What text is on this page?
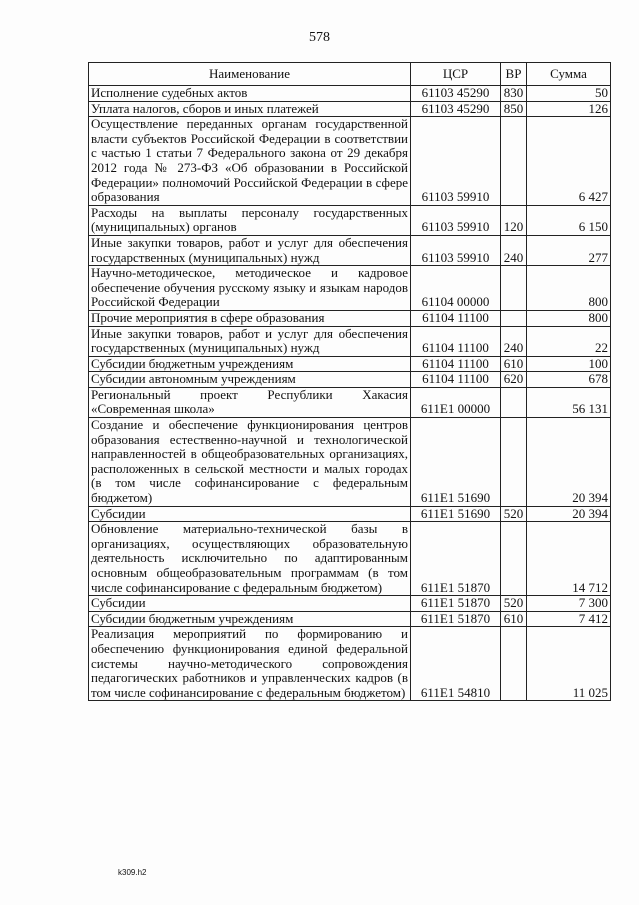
578
Наименование	ЦСР	ВР	Сумма
Исполнение судебных актов	61103 45290	830	50
Уплата налогов, сборов и иных платежей	61103 45290	850	126
Осуществление переданных органам государственной власти субъектов Российской Федерации в соответствии с частью 1 статьи 7 Федерального закона от 29 декабря 2012 года № 273-ФЗ «Об образовании в Российской Федерации» полномочий Российской Федерации в сфере образования	61103 59910		6 427
Расходы на выплаты персоналу государственных (муниципальных) органов	61103 59910	120	6 150
Иные закупки товаров, работ и услуг для обеспечения государственных (муниципальных) нужд	61103 59910	240	277
Научно-методическое, методическое и кадровое обеспечение обучения русскому языку и языкам народов Российской Федерации	61104 00000		800
Прочие мероприятия в сфере образования	61104 11100		800
Иные закупки товаров, работ и услуг для обеспечения государственных (муниципальных) нужд	61104 11100	240	22
Субсидии бюджетным учреждениям	61104 11100	610	100
Субсидии автономным учреждениям	61104 11100	620	678
Региональный проект Республики Хакасия «Современная школа»	611E1 00000		56 131
Создание и обеспечение функционирования центров образования естественно-научной и технологической направленностей в общеобразовательных организациях, расположенных в сельской местности и малых городах (в том числе софинансирование с федеральным бюджетом)	611E1 51690		20 394
Субсидии	611E1 51690	520	20 394
Обновление материально-технической базы в организациях, осуществляющих образовательную деятельность исключительно по адаптированным основным общеобразовательным программам (в том числе софинансирование с федеральным бюджетом)	611E1 51870		14 712
Субсидии	611E1 51870	520	7 300
Субсидии бюджетным учреждениям	611E1 51870	610	7 412
Реализация мероприятий по формированию и обеспечению функционирования единой федеральной системы научно-методического сопровождения педагогических работников и управленческих кадров (в том числе софинансирование с федеральным бюджетом)	611E1 54810		11 025
k309.h2
